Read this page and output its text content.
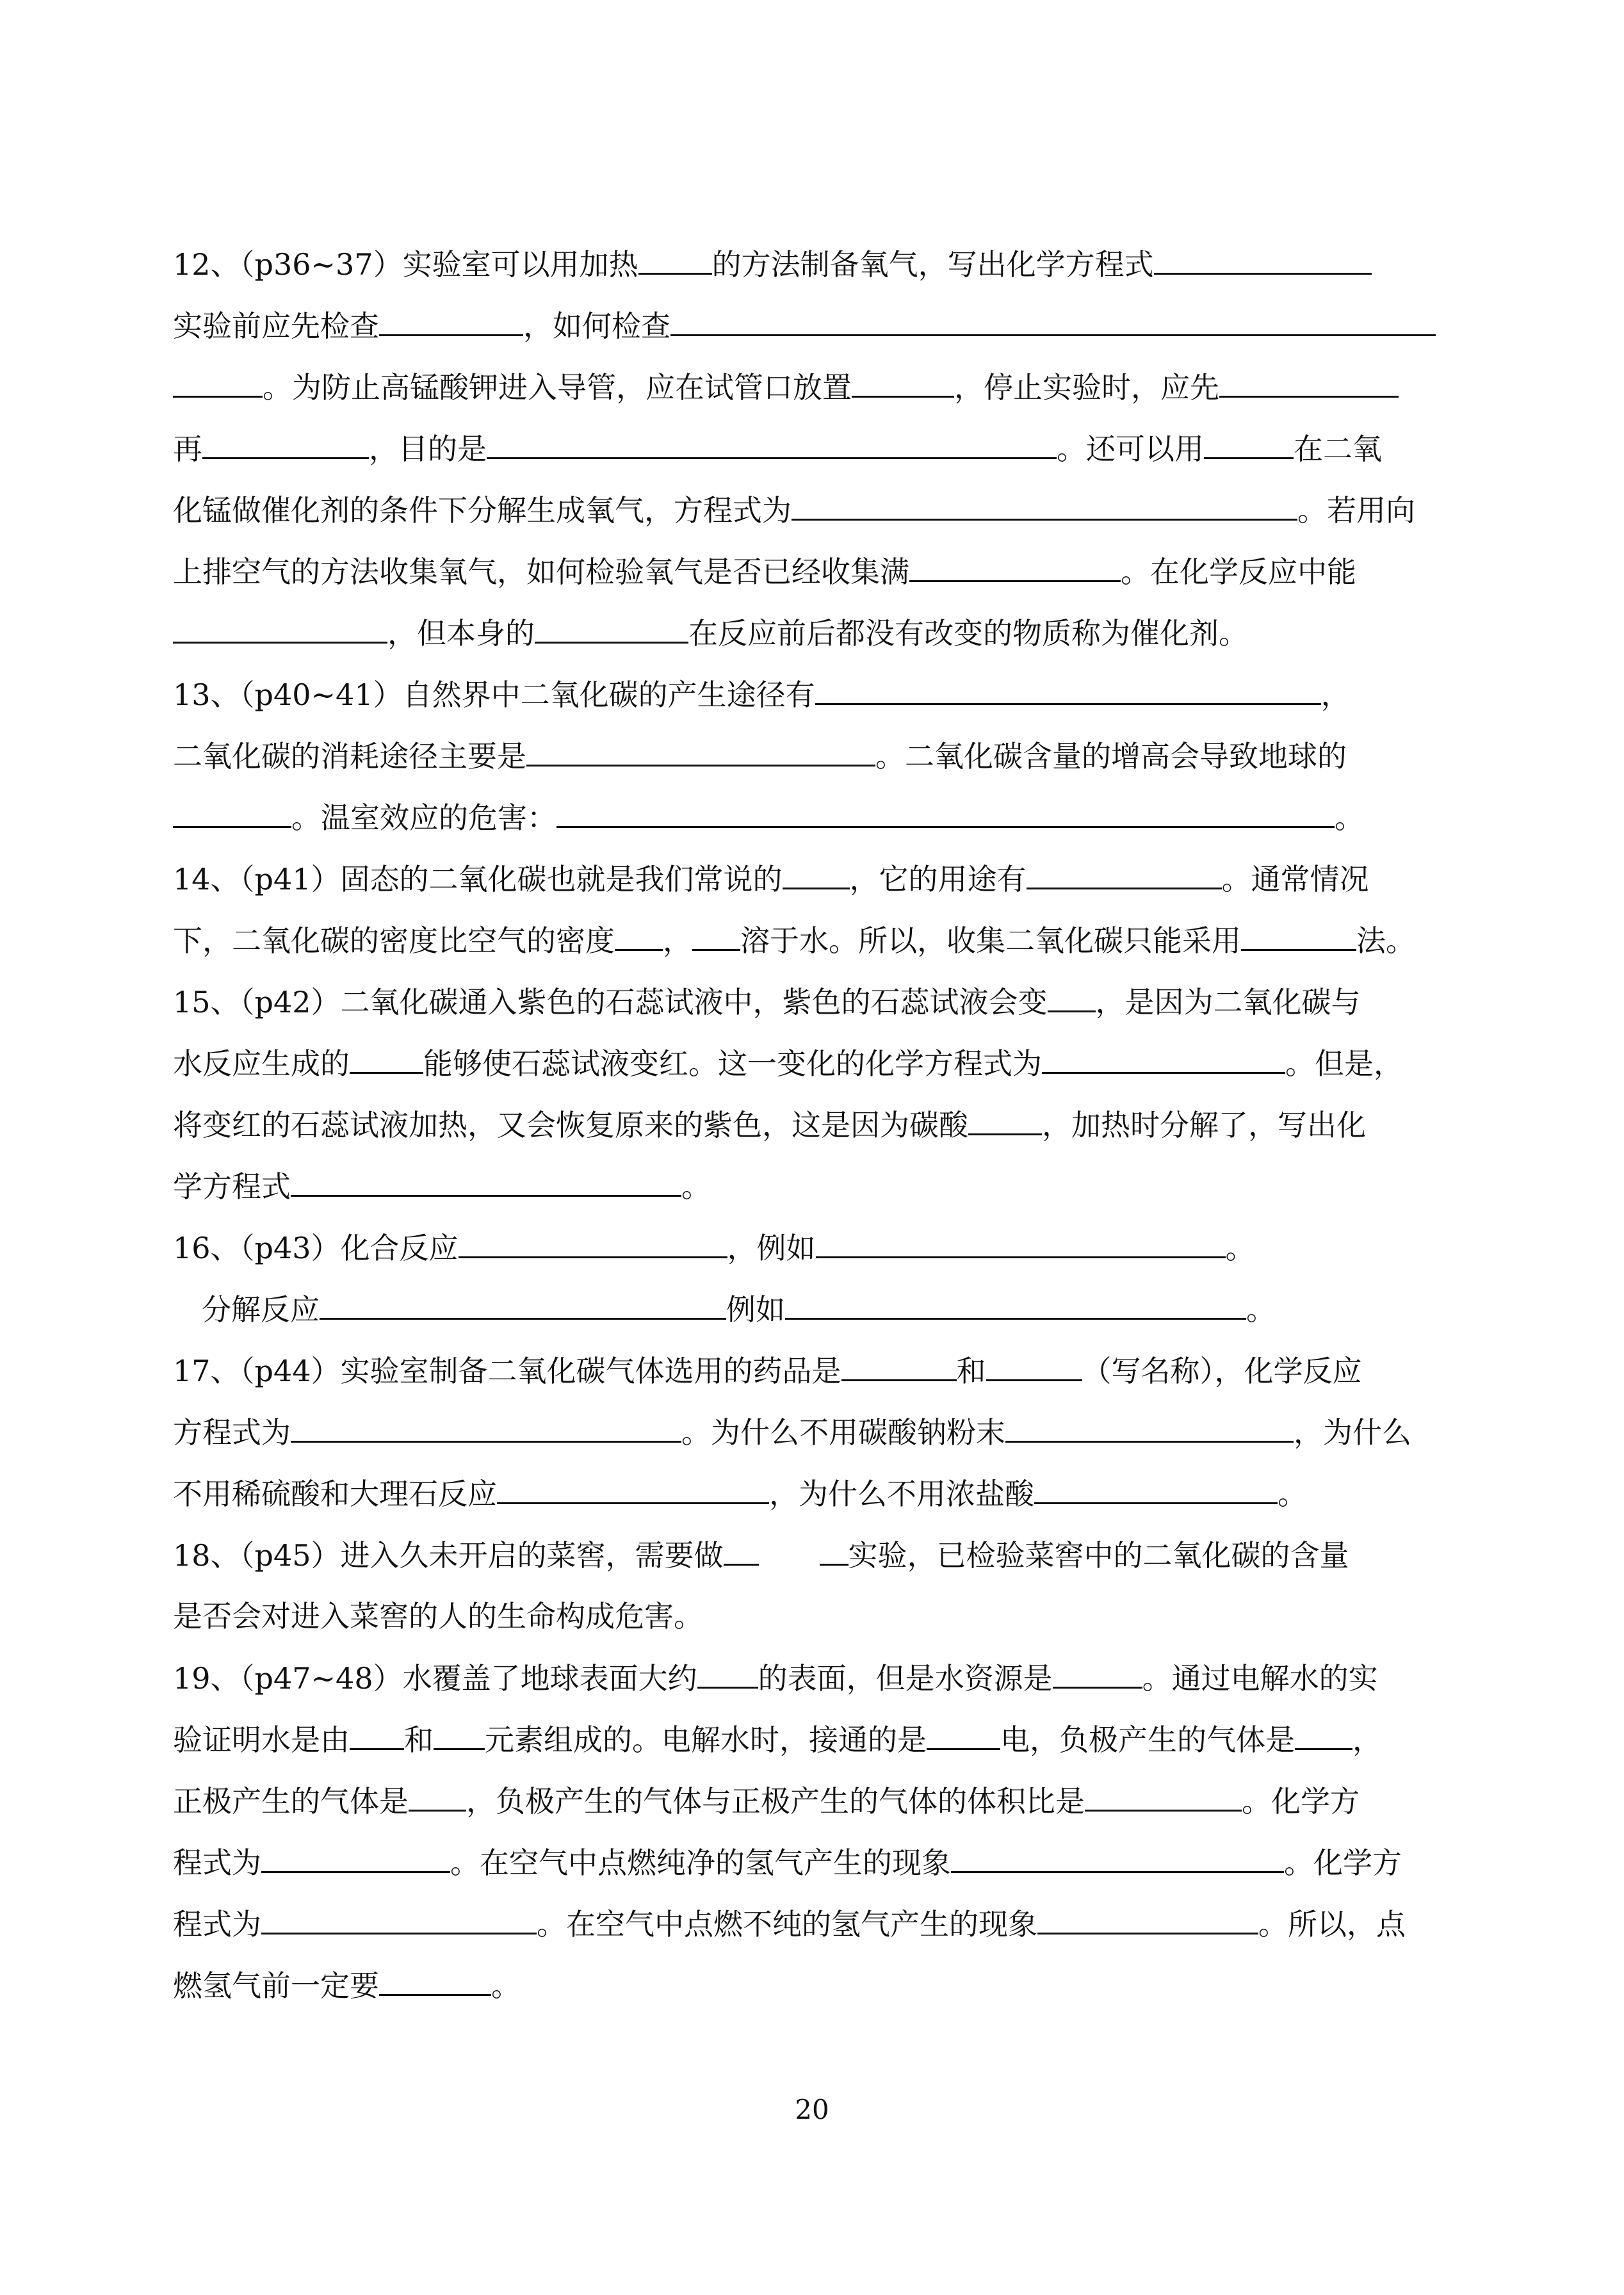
12、（p36~37）实验室可以用加热	的方法制备氧气，写出化学方程式
实验前应先检查	，如何检查
。为防止高锰酸钾进入导管，应在试管口放置	，停止实验时，应先
再	，目的是	。还可以用	在二氧
化锰做催化剂的条件下分解生成氧气，方程式为	。若用向
上排空气的方法收集氧气，如何检验氧气是否已经收集满	。在化学反应中能
，但本身的	在反应前后都没有改变的物质称为催化剂。
13、（p40~41）自然界中二氧化碳的产生途径有	，
二氧化碳的消耗途径主要是	。二氧化碳含量的增高会导致地球的
。温室效应的危害：	。
14、（p41）固态的二氧化碳也就是我们常说的 ，它的用途有	。通常情况
下，二氧化碳的密度比空气的密度 ， 溶于水。所以，收集二氧化碳只能采用	法。
15、（p42）二氧化碳通入紫色的石蕊试液中，紫色的石蕊试液会变 ，是因为二氧化碳与
水反应生成的	能够使石蕊试液变红。这一变化的化学方程式为	。但是，
将变红的石蕊试液加热，又会恢复原来的紫色，这是因为碳酸	，加热时分解了，写出化
学方程式	。
16、（p43）化合反应	，例如	。
分解反应	例如	。
17、（p44）实验室制备二氧化碳气体选用的药品是	和	（写名称），化学反应
方程式为	。为什么不用碳酸钠粉末	，为什么
不用稀硫酸和大理石反应	，为什么不用浓盐酸	。
18、（p45）进入久未开启的菜窖，需要做	实验，已检验菜窖中的二氧化碳的含量
是否会对进入菜窖的人的生命构成危害。
19、（p47~48）水覆盖了地球表面大约 的表面，但是水资源是	。通过电解水的实
验证明水是由 和 元素组成的。电解水时，接通的是	电，负极产生的气体是 ，
正极产生的气体是 ，负极产生的气体与正极产生的气体的体积比是	。化学方
程式为	。在空气中点燃纯净的氢气产生的现象	。化学方
程式为	。在空气中点燃不纯的氢气产生的现象	。所以，点
燃氢气前一定要	。
20
